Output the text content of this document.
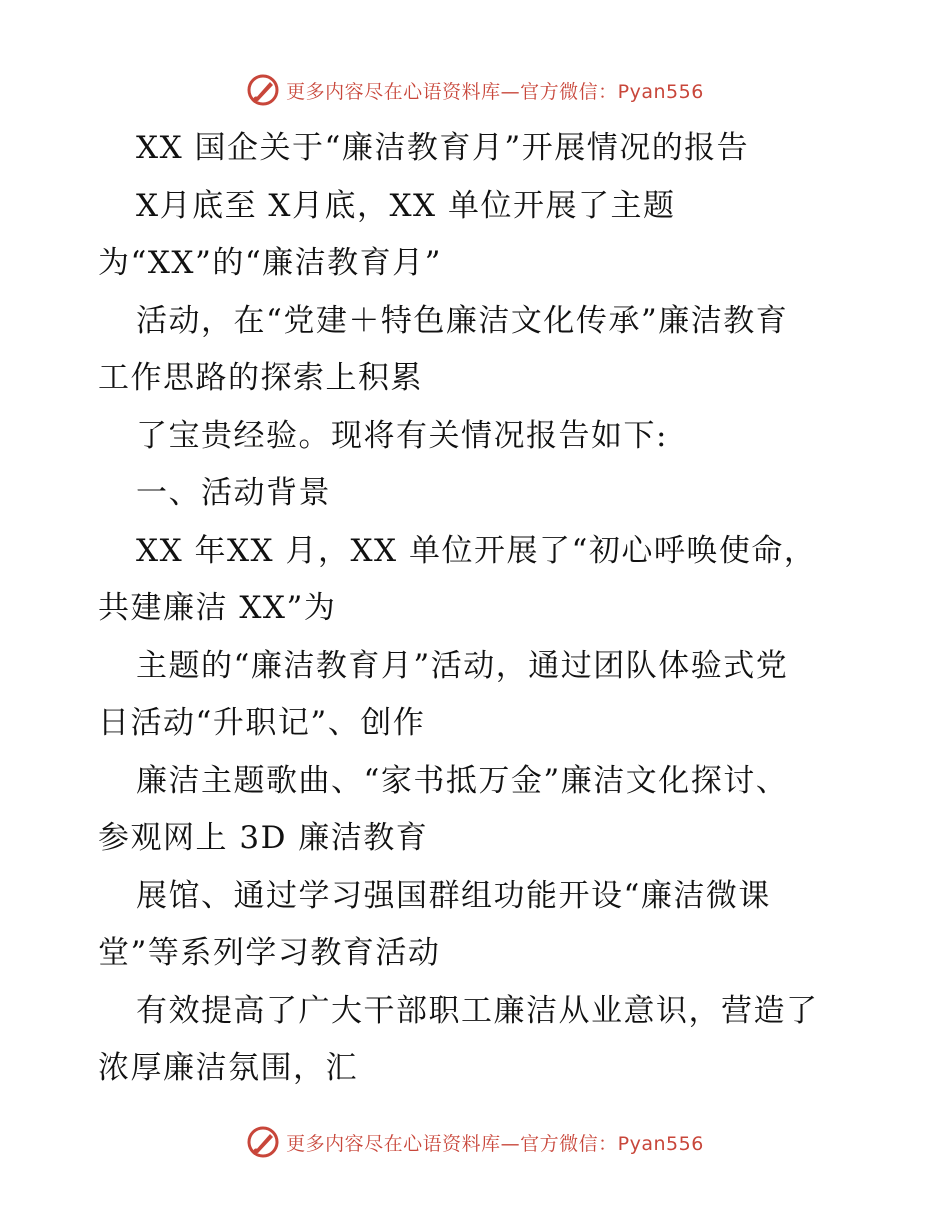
更多内容尽在心语资料库—官方微信：Pyan556

XX 国企关于“廉洁教育月”开展情况的报告

X月底至 X月底，XX 单位开展了主题

为“XX”的“廉洁教育月”

活动，在“党建＋特色廉洁文化传承”廉洁教育

工作思路的探索上积累

了宝贵经验。现将有关情况报告如下:

一、活动背景

XX 年XX 月，XX 单位开展了“初心呼唤使命，

共建廉洁 XX”为

主题的“廉洁教育月”活动，通过团队体验式党

日活动“升职记”、创作

廉洁主题歌曲、“家书抵万金”廉洁文化探讨、

参观网上 3D 廉洁教育

展馆、通过学习强国群组功能开设“廉洁微课

堂”等系列学习教育活动

有效提高了广大干部职工廉洁从业意识，营造了

浓厚廉洁氛围，汇

更多内容尽在心语资料库—官方微信：Pyan556
